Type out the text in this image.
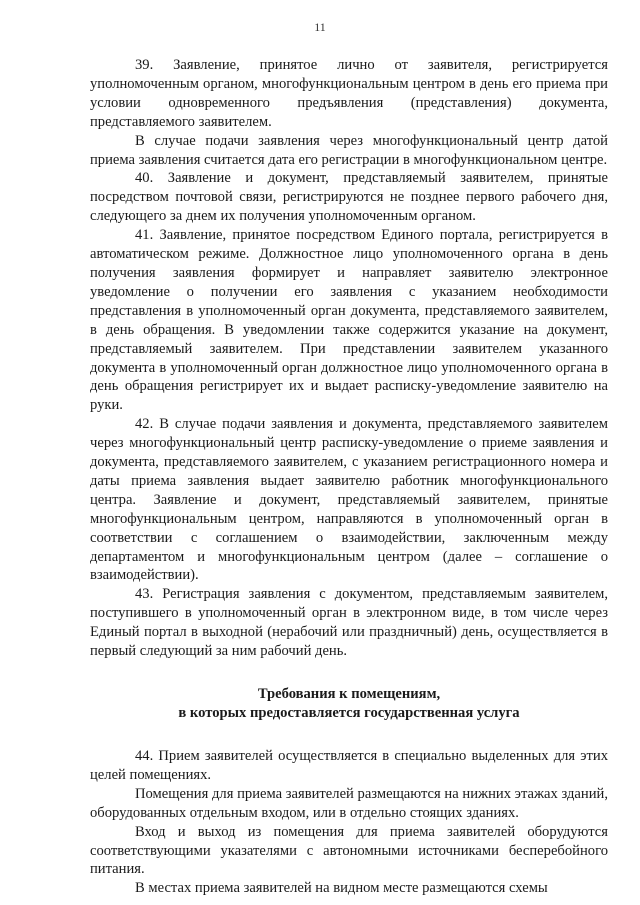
11

39. Заявление, принятое лично от заявителя, регистрируется уполномоченным органом, многофункциональным центром в день его приема при условии одновременного предъявления (представления) документа, представляемого заявителем.

В случае подачи заявления через многофункциональный центр датой приема заявления считается дата его регистрации в многофункциональном центре.

40. Заявление и документ, представляемый заявителем, принятые посредством почтовой связи, регистрируются не позднее первого рабочего дня, следующего за днем их получения уполномоченным органом.

41. Заявление, принятое посредством Единого портала, регистрируется в автоматическом режиме. Должностное лицо уполномоченного органа в день получения заявления формирует и направляет заявителю электронное уведомление о получении его заявления с указанием необходимости представления в уполномоченный орган документа, представляемого заявителем, в день обращения. В уведомлении также содержится указание на документ, представляемый заявителем. При представлении заявителем указанного документа в уполномоченный орган должностное лицо уполномоченного органа в день обращения регистрирует их и выдает расписку-уведомление заявителю на руки.

42. В случае подачи заявления и документа, представляемого заявителем через многофункциональный центр расписку-уведомление о приеме заявления и документа, представляемого заявителем, с указанием регистрационного номера и даты приема заявления выдает заявителю работник многофункционального центра. Заявление и документ, представляемый заявителем, принятые многофункциональным центром, направляются в уполномоченный орган в соответствии с соглашением о взаимодействии, заключенным между департаментом и многофункциональным центром (далее – соглашение о взаимодействии).

43. Регистрация заявления с документом, представляемым заявителем, поступившего в уполномоченный орган в электронном виде, в том числе через Единый портал в выходной (нерабочий или праздничный) день, осуществляется в первый следующий за ним рабочий день.

Требования к помещениям,
в которых предоставляется государственная услуга

44. Прием заявителей осуществляется в специально выделенных для этих целей помещениях.

Помещения для приема заявителей размещаются на нижних этажах зданий, оборудованных отдельным входом, или в отдельно стоящих зданиях.

Вход и выход из помещения для приема заявителей оборудуются соответствующими указателями с автономными источниками бесперебойного питания.

В местах приема заявителей на видном месте размещаются схемы
